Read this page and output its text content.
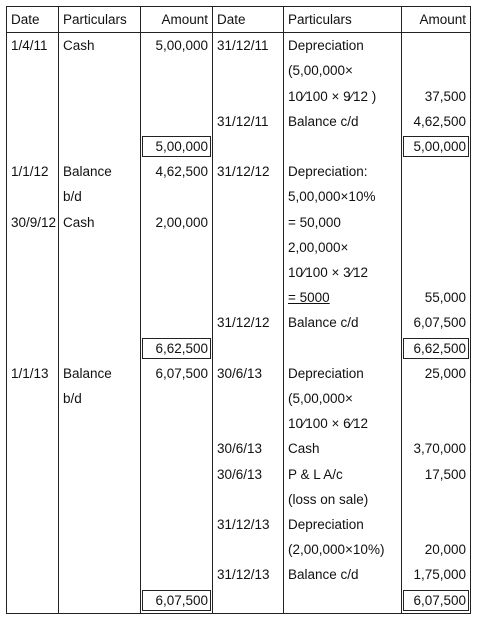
Date	Particulars	Amount	Date	Particulars	Amount
1/4/11	Cash	5,00,000	31/12/11	Depreciation	
				(5,00,000×	
				10⁄100 × 9⁄12 )	37,500
			31/12/11	Balance c/d	4,62,500

		5,00,000			5,00,000

1/1/12	Balance	4,62,500	31/12/12	Depreciation:	
	b/d			5,00,000×10%	
30/9/12	Cash	2,00,000		= 50,000	
				2,00,000×	
				10⁄100 × 3⁄12	
				= 5000	55,000
			31/12/12	Balance c/d	6,07,500

		6,62,500			6,62,500

1/1/13	Balance	6,07,500	30/6/13	Depreciation	25,000
	b/d			(5,00,000×	
				10⁄100 × 6⁄12	
			30/6/13	Cash	3,70,000
			30/6/13	P & L A/c	17,500
				(loss on sale)	
			31/12/13	Depreciation	
				(2,00,000×10%)	20,000
			31/12/13	Balance c/d	1,75,000

		6,07,500			6,07,500
